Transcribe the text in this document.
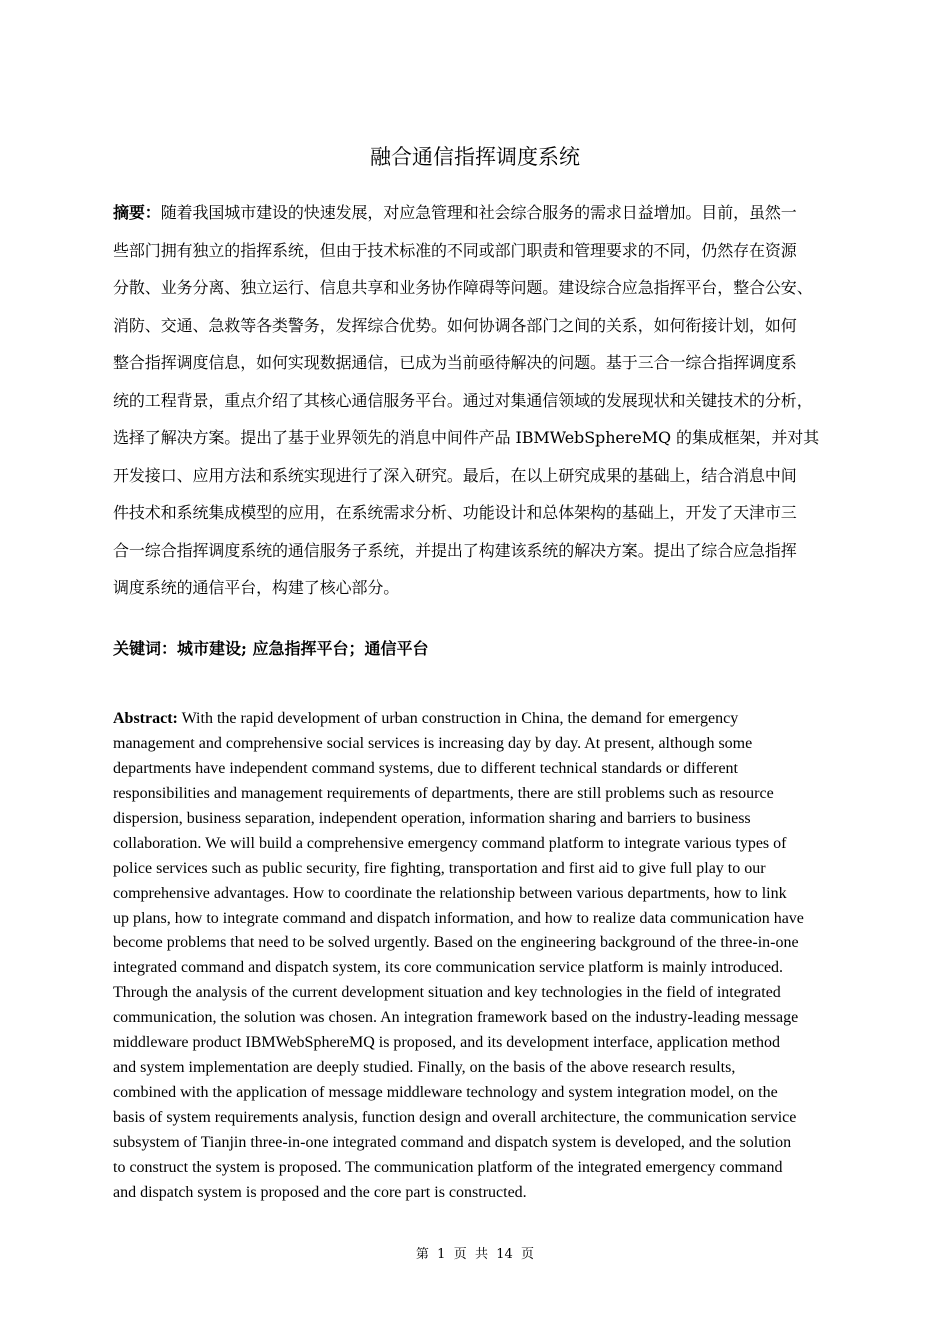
融合通信指挥调度系统
摘要：随着我国城市建设的快速发展，对应急管理和社会综合服务的需求日益增加。目前，虽然一
些部门拥有独立的指挥系统，但由于技术标准的不同或部门职责和管理要求的不同，仍然存在资源
分散、业务分离、独立运行、信息共享和业务协作障碍等问题。建设综合应急指挥平台，整合公安、
消防、交通、急救等各类警务，发挥综合优势。如何协调各部门之间的关系，如何衔接计划，如何
整合指挥调度信息，如何实现数据通信，已成为当前亟待解决的问题。基于三合一综合指挥调度系
统的工程背景，重点介绍了其核心通信服务平台。通过对集通信领域的发展现状和关键技术的分析，
选择了解决方案。提出了基于业界领先的消息中间件产品 IBMWebSphereMQ 的集成框架，并对其
开发接口、应用方法和系统实现进行了深入研究。最后，在以上研究成果的基础上，结合消息中间
件技术和系统集成模型的应用，在系统需求分析、功能设计和总体架构的基础上，开发了天津市三
合一综合指挥调度系统的通信服务子系统，并提出了构建该系统的解决方案。提出了综合应急指挥
调度系统的通信平台，构建了核心部分。
关键词：城市建设; 应急指挥平台；通信平台
Abstract: With the rapid development of urban construction in China, the demand for emergency
management and comprehensive social services is increasing day by day. At present, although some
departments have independent command systems, due to different technical standards or different
responsibilities and management requirements of departments, there are still problems such as resource
dispersion, business separation, independent operation, information sharing and barriers to business
collaboration. We will build a comprehensive emergency command platform to integrate various types of
police services such as public security, fire fighting, transportation and first aid to give full play to our
comprehensive advantages. How to coordinate the relationship between various departments, how to link
up plans, how to integrate command and dispatch information, and how to realize data communication have
become problems that need to be solved urgently. Based on the engineering background of the three-in-one
integrated command and dispatch system, its core communication service platform is mainly introduced.
Through the analysis of the current development situation and key technologies in the field of integrated
communication, the solution was chosen. An integration framework based on the industry-leading message
middleware product IBMWebSphereMQ is proposed, and its development interface, application method
and system implementation are deeply studied. Finally, on the basis of the above research results,
combined with the application of message middleware technology and system integration model, on the
basis of system requirements analysis, function design and overall architecture, the communication service
subsystem of Tianjin three-in-one integrated command and dispatch system is developed, and the solution
to construct the system is proposed. The communication platform of the integrated emergency command
and dispatch system is proposed and the core part is constructed.
第  1  页  共  14  页
